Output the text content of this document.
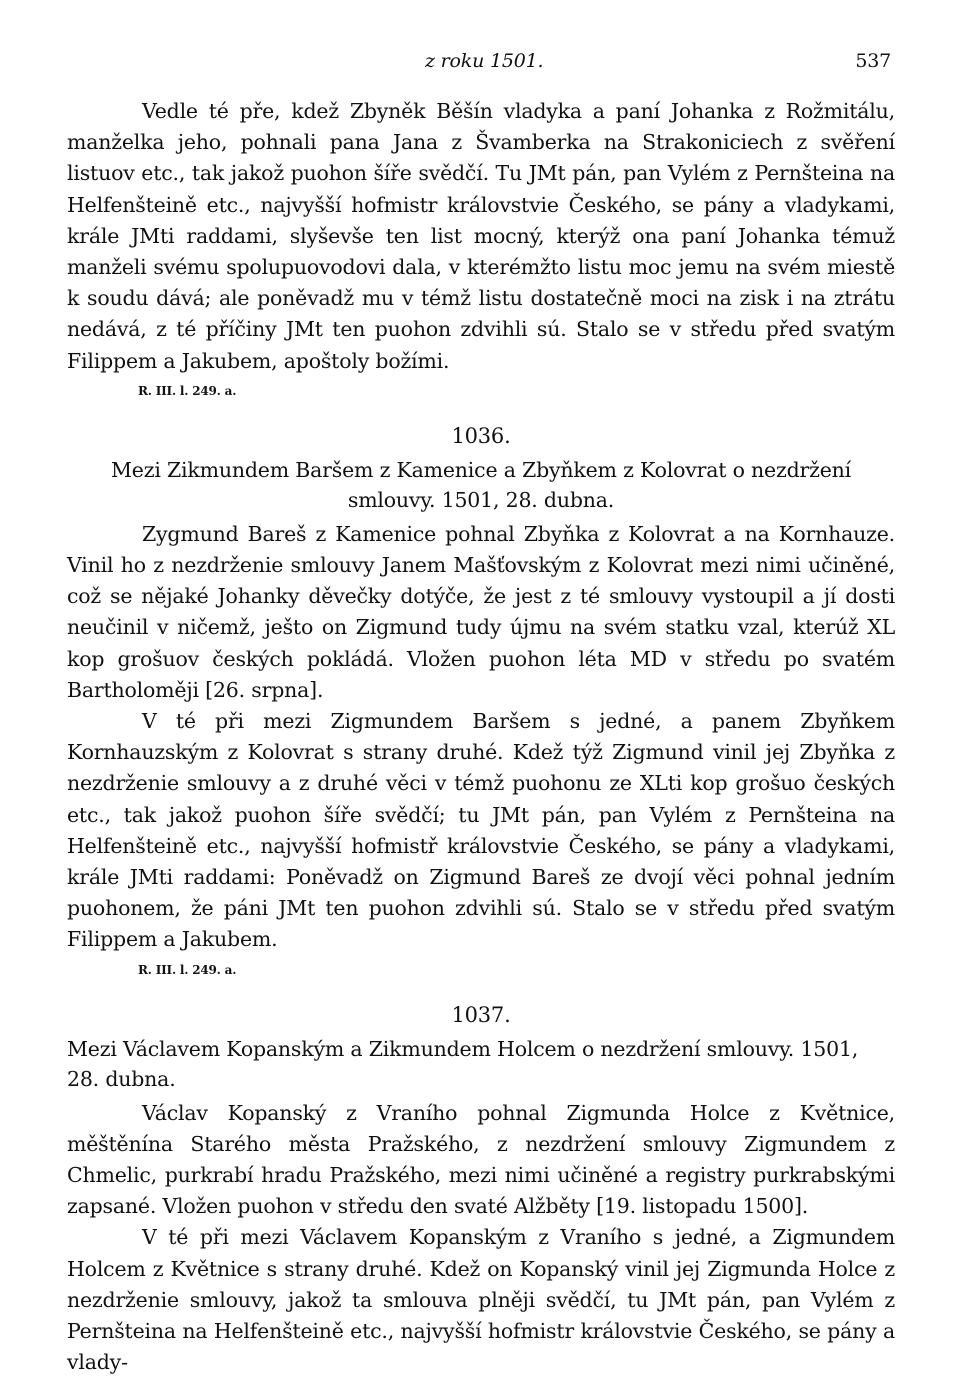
z roku 1501.	537

Vedle té pře, kdež Zbyněk Běšín vladyka a paní Johanka z Rožmitálu, manželka jeho, pohnali pana Jana z Švamberka na Strakoniciech z svěření listuov etc., tak jakož puohon šíře svědčí. Tu JMt pán, pan Vylém z Pernšteina na Helfenšteině etc., najvyšší hofmistr královstvie Českého, se pány a vladykami, krále JMti raddami, slyševše ten list mocný, kterýž ona paní Johanka témuž manželi svému spolupuovodovi dala, v kterémžto listu moc jemu na svém miestě k soudu dává; ale poněvadž mu v témž listu dostatečně moci na zisk i na ztrátu nedává, z té příčiny JMt ten puohon zdvihli sú. Stalo se v středu před svatým Filippem a Jakubem, apoštoly božími.

R. III. l. 249. a.
1036.
Mezi Zikmundem Baršem z Kamenice a Zbyňkem z Kolovrat o nezdržení smlouvy. 1501, 28. dubna.

Zygmund Bareš z Kamenice pohnal Zbyňka z Kolovrat a na Kornhauze. Vinil ho z nezdrženie smlouvy Janem Mašťovským z Kolovrat mezi nimi učiněné, což se nějaké Johanky děvečky dotýče, že jest z té smlouvy vystoupil a jí dosti neučinil v ničemž, ješto on Zigmund tudy újmu na svém statku vzal, kterúž XL kop grošuov českých pokládá. Vložen puohon léta MD v středu po svatém Bartholoměji [26. srpna].

V té při mezi Zigmundem Baršem s jedné, a panem Zbyňkem Kornhauzským z Kolovrat s strany druhé. Kdež týž Zigmund vinil jej Zbyňka z nezdrženie smlouvy a z druhé věci v témž puohonu ze XLti kop grošuo českých etc., tak jakož puohon šíře svědčí; tu JMt pán, pan Vylém z Pernšteina na Helfenšteině etc., najvyšší hofmistř královstvie Českého, se pány a vladykami, krále JMti raddami: Poněvadž on Zigmund Bareš ze dvojí věci pohnal jedním puohonem, že páni JMt ten puohon zdvihli sú. Stalo se v středu před svatým Filippem a Jakubem.

R. III. l. 249. a.
1037.
Mezi Václavem Kopanským a Zikmundem Holcem o nezdržení smlouvy. 1501, 28. dubna.

Václav Kopanský z Vraního pohnal Zigmunda Holce z Květnice, měštěnína Starého města Pražského, z nezdržení smlouvy Zigmundem z Chmelic, purkrabí hradu Pražského, mezi nimi učiněné a registry purkrabskými zapsané. Vložen puohon v středu den svaté Alžběty [19. listopadu 1500].

V té při mezi Václavem Kopanským z Vraního s jedné, a Zigmundem Holcem z Květnice s strany druhé. Kdež on Kopanský vinil jej Zigmunda Holce z nezdrženie smlouvy, jakož ta smlouva plněji svědčí, tu JMt pán, pan Vylém z Pernšteina na Helfenšteině etc., najvyšší hofmistr královstvie Českého, se pány a vlady-
